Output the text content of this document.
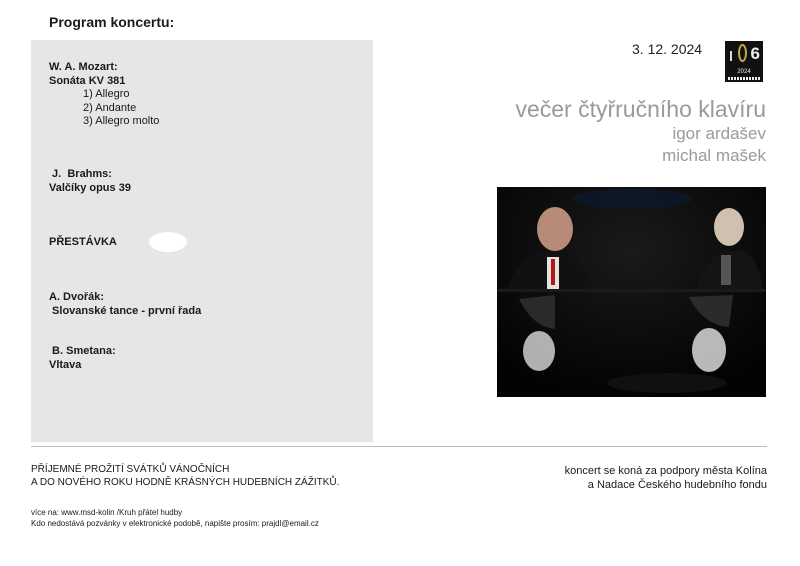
Program koncertu:
W. A. Mozart:
Sonáta KV 381
1) Allegro
2) Andante
3) Allegro molto
J.  Brahms:
Valčíky opus 39
PŘESTÁVKA
A. Dvořák:
Slovanské tance - první řada
B. Smetana:
Vltava
3. 12. 2024	6
2024
večer čtyřručního klavíru
igor ardašev
michal mašek
PŘÍJEMNÉ PROŽITÍ SVÁTKŮ VÁNOČNÍCH
A DO NOVÉHO ROKU HODNĚ KRÁSNÝCH HUDEBNÍCH ZÁŽITKŮ.
koncert se koná za podpory města Kolína
a Nadace Českého hudebního fondu
více na: www.msd-kolin /Kruh přátel hudby
Kdo nedostává pozvánky v elektronické podobě, napište prosím: prajdl@email.cz
